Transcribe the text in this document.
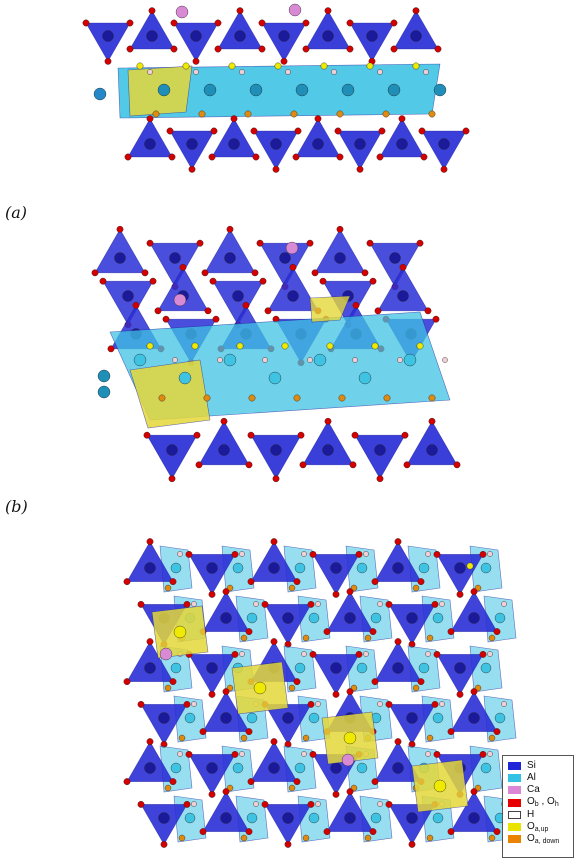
(a)
(b)
Si
Al
Ca
$O_b$ , $O_h$
H
$O_{a,up}$
$O_{a, down}$
